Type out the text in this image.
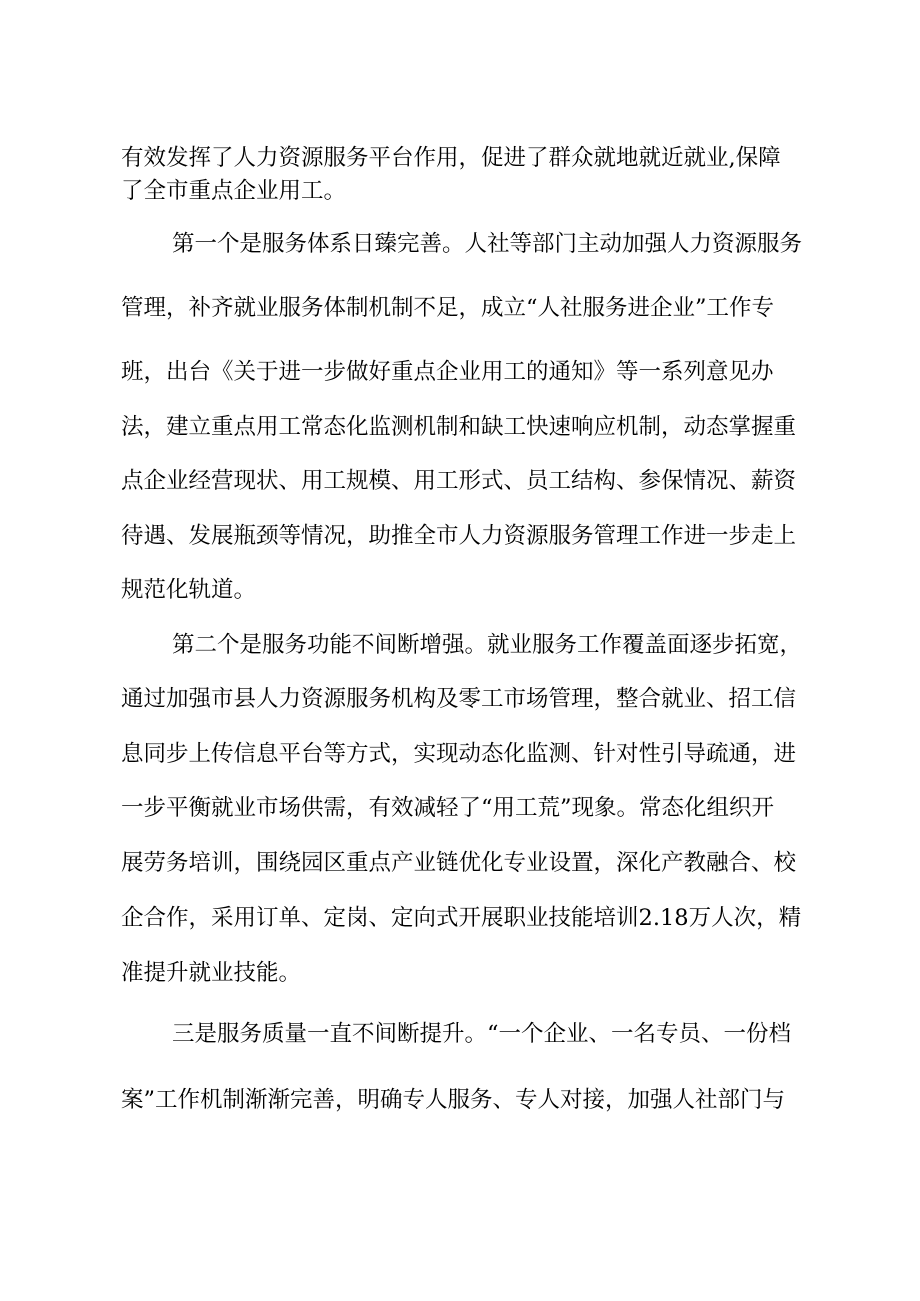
有效发挥了人力资源服务平台作用，促进了群众就地就近就业,保障
了全市重点企业用工。
第一个是服务体系日臻完善。人社等部门主动加强人力资源服务
管理，补齐就业服务体制机制不足，成立“人社服务进企业”工作专
班，出台《关于进一步做好重点企业用工的通知》等一系列意见办
法，建立重点用工常态化监测机制和缺工快速响应机制，动态掌握重
点企业经营现状、用工规模、用工形式、员工结构、参保情况、薪资
待遇、发展瓶颈等情况，助推全市人力资源服务管理工作进一步走上
规范化轨道。
第二个是服务功能不间断增强。就业服务工作覆盖面逐步拓宽，
通过加强市县人力资源服务机构及零工市场管理，整合就业、招工信
息同步上传信息平台等方式，实现动态化监测、针对性引导疏通，进
一步平衡就业市场供需，有效减轻了“用工荒”现象。常态化组织开
展劳务培训，围绕园区重点产业链优化专业设置，深化产教融合、校
企合作，采用订单、定岗、定向式开展职业技能培训2.18万人次，精
准提升就业技能。
三是服务质量一直不间断提升。“一个企业、一名专员、一份档
案”工作机制渐渐完善，明确专人服务、专人对接，加强人社部门与
